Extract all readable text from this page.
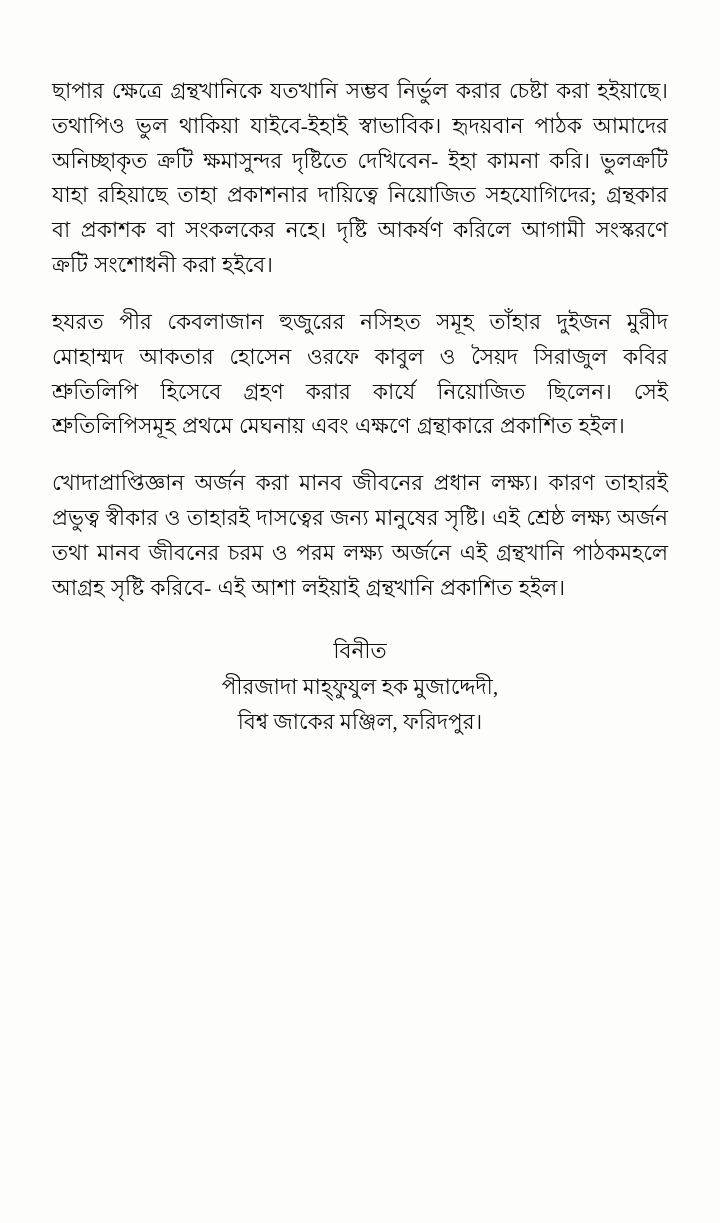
ছাপার ক্ষেত্রে গ্রন্থখানিকে যতখানি সম্ভব নির্ভুল করার চেষ্টা করা হইয়াছে। তথাপিও ভুল থাকিয়া যাইবে-ইহাই স্বাভাবিক। হৃদয়বান পাঠক আমাদের অনিচ্ছাকৃত ক্রটি ক্ষমাসুন্দর দৃষ্টিতে দেখিবেন- ইহা কামনা করি। ভুলক্রটি যাহা রহিয়াছে তাহা প্রকাশনার দায়িত্বে নিয়োজিত সহযোগিদের; গ্রন্থকার বা প্রকাশক বা সংকলকের নহে। দৃষ্টি আকর্ষণ করিলে আগামী সংস্করণে ক্রটি সংশোধনী করা হইবে।

হযরত পীর কেবলাজান হুজুরের নসিহত সমূহ তাঁহার দুইজন মুরীদ মোহাম্মদ আকতার হোসেন ওরফে কাবুল ও সৈয়দ সিরাজুল কবির শ্রুতিলিপি হিসেবে গ্রহণ করার কার্যে নিয়োজিত ছিলেন। সেই শ্রুতিলিপিসমূহ প্রথমে মেঘনায় এবং এক্ষণে গ্রন্থাকারে প্রকাশিত হইল।

খোদাপ্রাপ্তিজ্ঞান অর্জন করা মানব জীবনের প্রধান লক্ষ্য। কারণ তাহারই প্রভুত্ব স্বীকার ও তাহারই দাসত্বের জন্য মানুষের সৃষ্টি। এই শ্রেষ্ঠ লক্ষ্য অর্জন তথা মানব জীবনের চরম ও পরম লক্ষ্য অর্জনে এই গ্রন্থখানি পাঠকমহলে আগ্রহ সৃষ্টি করিবে- এই আশা লইয়াই গ্রন্থখানি প্রকাশিত হইল।

বিনীত
পীরজাদা মাহ্‌ফুযুল হক মুজাদ্দেদী,
বিশ্ব জাকের মঞ্জিল, ফরিদপুর।
